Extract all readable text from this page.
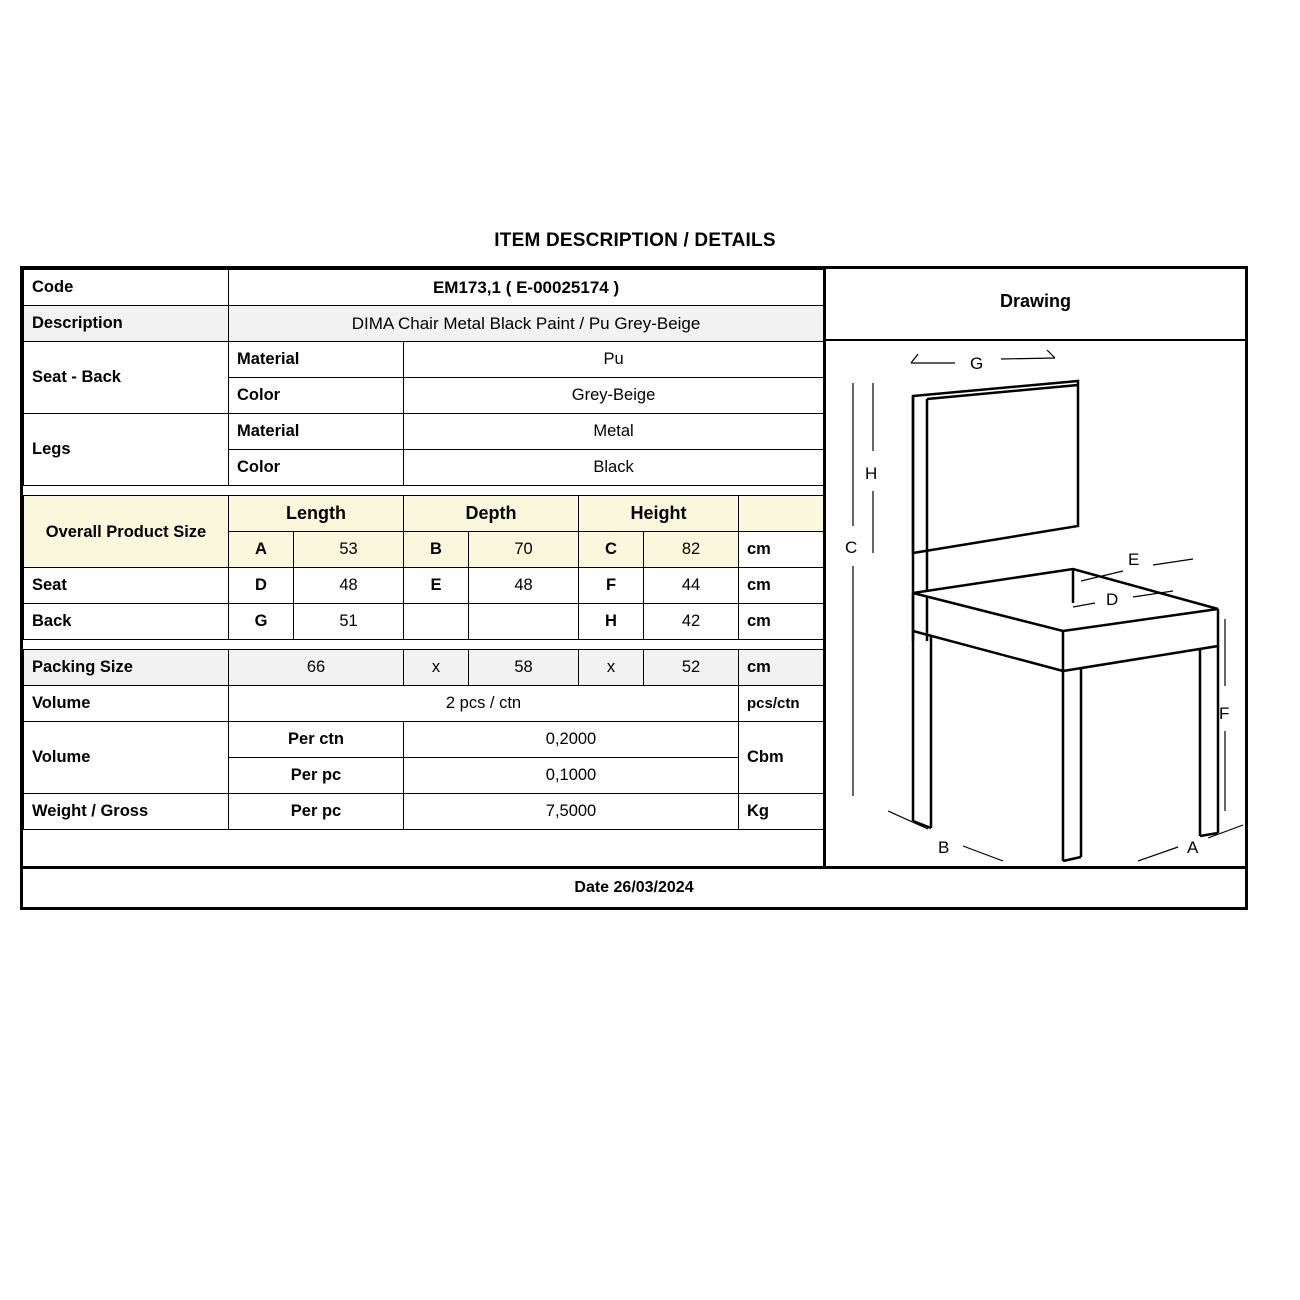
ITEM DESCRIPTION / DETAILS
Code	EM173,1 ( E-00025174 )						
Description	DIMA Chair Metal Black Paint / Pu Grey-Beige						
Seat - Back	Material		Pu				
	Color		Grey-Beige				
Legs	Material		Metal				
	Color		Black				

Overall Product Size	Length		Depth		Height		
	A	53	B	70	C	82	cm
Seat	D	48	E	48	F	44	cm
Back	G	51			H	42	cm

Packing Size	66		x	58	x	52	cm
Volume	2 pcs / ctn						pcs/ctn
Volume	Per ctn		0,2000				Cbm
	Per pc		0,1000				
Weight / Gross	Per pc		7,5000				Kg
Drawing
G
H
C
E
D
F
B	A
Date 26/03/2024
